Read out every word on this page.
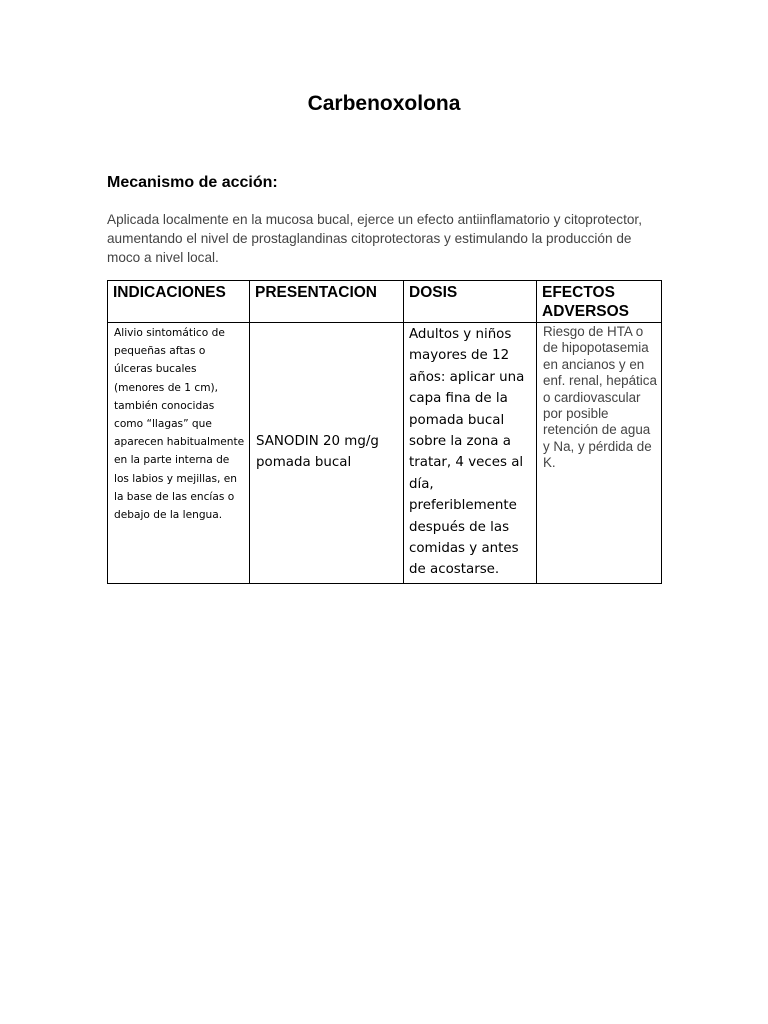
Carbenoxolona
Mecanismo de acción:

Aplicada localmente en la mucosa bucal, ejerce un efecto antiinflamatorio y citoprotector, aumentando el nivel de prostaglandinas citoprotectoras y estimulando la producción de moco a nivel local.

INDICACIONES	PRESENTACION	DOSIS	EFECTOS ADVERSOS
Alivio sintomático de pequeñas aftas o úlceras bucales (menores de 1 cm), también conocidas como “llagas” que aparecen habitualmente en la parte interna de los labios y mejillas, en la base de las encías o debajo de la lengua.	SANODIN 20 mg/g pomada bucal	Adultos y niños mayores de 12 años: aplicar una capa fina de la pomada bucal sobre la zona a tratar, 4 veces al día, preferiblemente después de las comidas y antes de acostarse.	Riesgo de HTA o de hipopotasemia en ancianos y en enf. renal, hepática o cardiovascular por posible retención de agua y Na, y pérdida de K.
